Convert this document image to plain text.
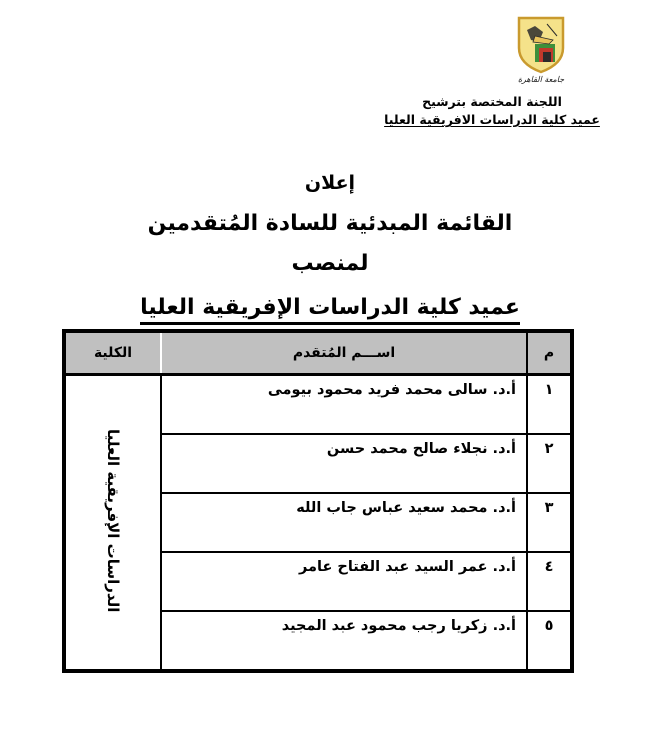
جامعة القاهرة
اللجنة المختصة بترشيح
عميد كلية الدراسات الافريقية العليا
إعلان
القائمة المبدئية للسادة المُتقدمين لمنصب
عميد كلية الدراسات الإفريقية العليا
م	اســـم المُتقدم	الكلية
١	أ.د. سالى محمد فريد محمود بيومى	الدراسات الإفريقية العليا
٢	أ.د. نجلاء صالح محمد حسن	
٣	أ.د. محمد سعيد عباس جاب الله	
٤	أ.د. عمر السيد عبد الفتاح عامر	
٥	أ.د. زكريا رجب محمود عبد المجيد	
